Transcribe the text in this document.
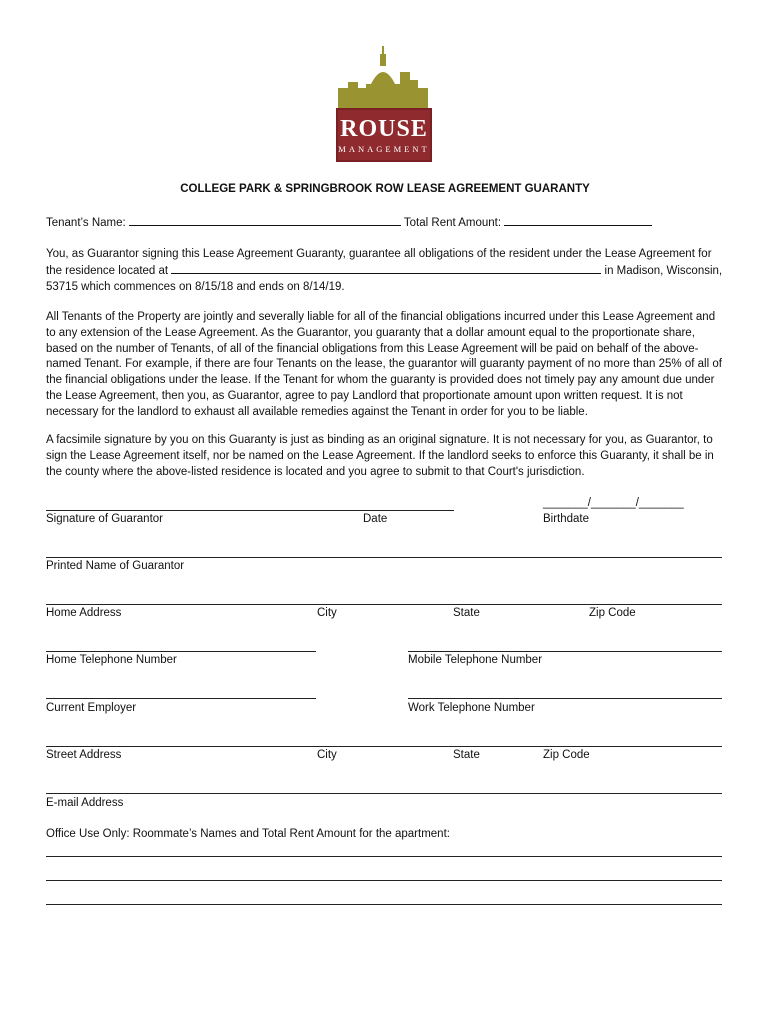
ROUSE
MANAGEMENT
COLLEGE PARK & SPRINGBROOK ROW LEASE AGREEMENT GUARANTY
Tenant’s Name:	Total Rent Amount:
You, as Guarantor signing this Lease Agreement Guaranty, guarantee all obligations of the resident under the Lease Agreement for the residence located at	in Madison, Wisconsin, 53715 which commences on 8/15/18 and ends on 8/14/19.
All Tenants of the Property are jointly and severally liable for all of the financial obligations incurred under this Lease Agreement and to any extension of the Lease Agreement. As the Guarantor, you guaranty that a dollar amount equal to the proportionate share, based on the number of Tenants, of all of the financial obligations from this Lease Agreement will be paid on behalf of the above-named Tenant. For example, if there are four Tenants on the lease, the guarantor will guaranty payment of no more than 25% of all of the financial obligations under the lease. If the Tenant for whom the guaranty is provided does not timely pay any amount due under the Lease Agreement, then you, as Guarantor, agree to pay Landlord that proportionate amount upon written request. It is not necessary for the landlord to exhaust all available remedies against the Tenant in order for you to be liable.
A facsimile signature by you on this Guaranty is just as binding as an original signature. It is not necessary for you, as Guarantor, to sign the Lease Agreement itself, nor be named on the Lease Agreement. If the landlord seeks to enforce this Guaranty, it shall be in the county where the above-listed residence is located and you agree to submit to that Court's jurisdiction.
_______/_______/_______
Signature of Guarantor	Date	Birthdate
Printed Name of Guarantor
Home Address	City	State	Zip Code
Home Telephone Number	Mobile Telephone Number
Current Employer	Work Telephone Number
Street Address	City	State	Zip Code
E-mail Address
Office Use Only: Roommate’s Names and Total Rent Amount for the apartment:
